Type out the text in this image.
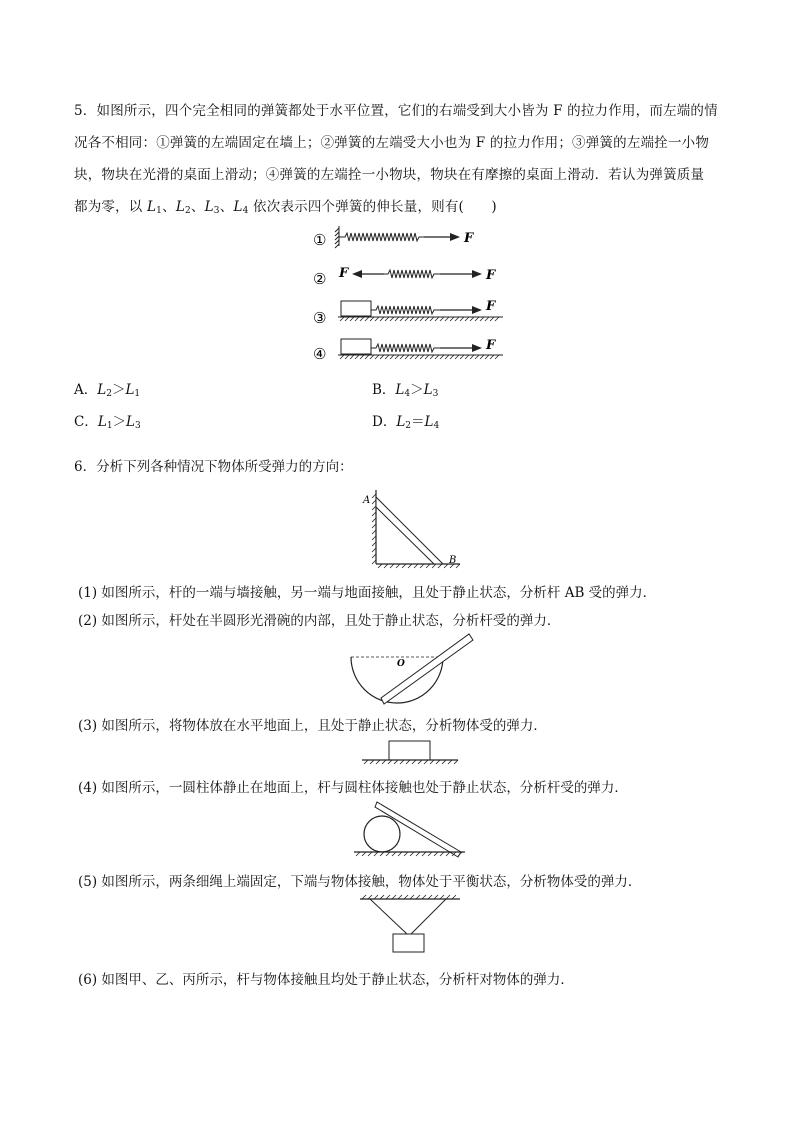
5．如图所示，四个完全相同的弹簧都处于水平位置，它们的右端受到大小皆为 F 的拉力作用，而左端的情
况各不相同：①弹簧的左端固定在墙上；②弹簧的左端受大小也为 F 的拉力作用；③弹簧的左端拴一小物
块，物块在光滑的桌面上滑动；④弹簧的左端拴一小物块，物块在有摩擦的桌面上滑动．若认为弹簧质量
都为零，以 $L_1$、$L_2$、$L_3$、$L_4$ 依次表示四个弹簧的伸长量，则有(　　)
①	F
② F	F
③
F
④	F
A．$L_2>L_1$	B．$L_4>L_3$
C．$L_1>L_3$	D．$L_2=L_4$
6．分析下列各种情况下物体所受弹力的方向：
A
B
O
(1) 如图所示，杆的一端与墙接触，另一端与地面接触，且处于静止状态，分析杆 AB 受的弹力．
(2) 如图所示，杆处在半圆形光滑碗的内部，且处于静止状态，分析杆受的弹力．
(3) 如图所示，将物体放在水平地面上，且处于静止状态，分析物体受的弹力．
(4) 如图所示，一圆柱体静止在地面上，杆与圆柱体接触也处于静止状态，分析杆受的弹力．
(5) 如图所示，两条细绳上端固定，下端与物体接触，物体处于平衡状态，分析物体受的弹力．
(6) 如图甲、乙、丙所示，杆与物体接触且均处于静止状态，分析杆对物体的弹力．
